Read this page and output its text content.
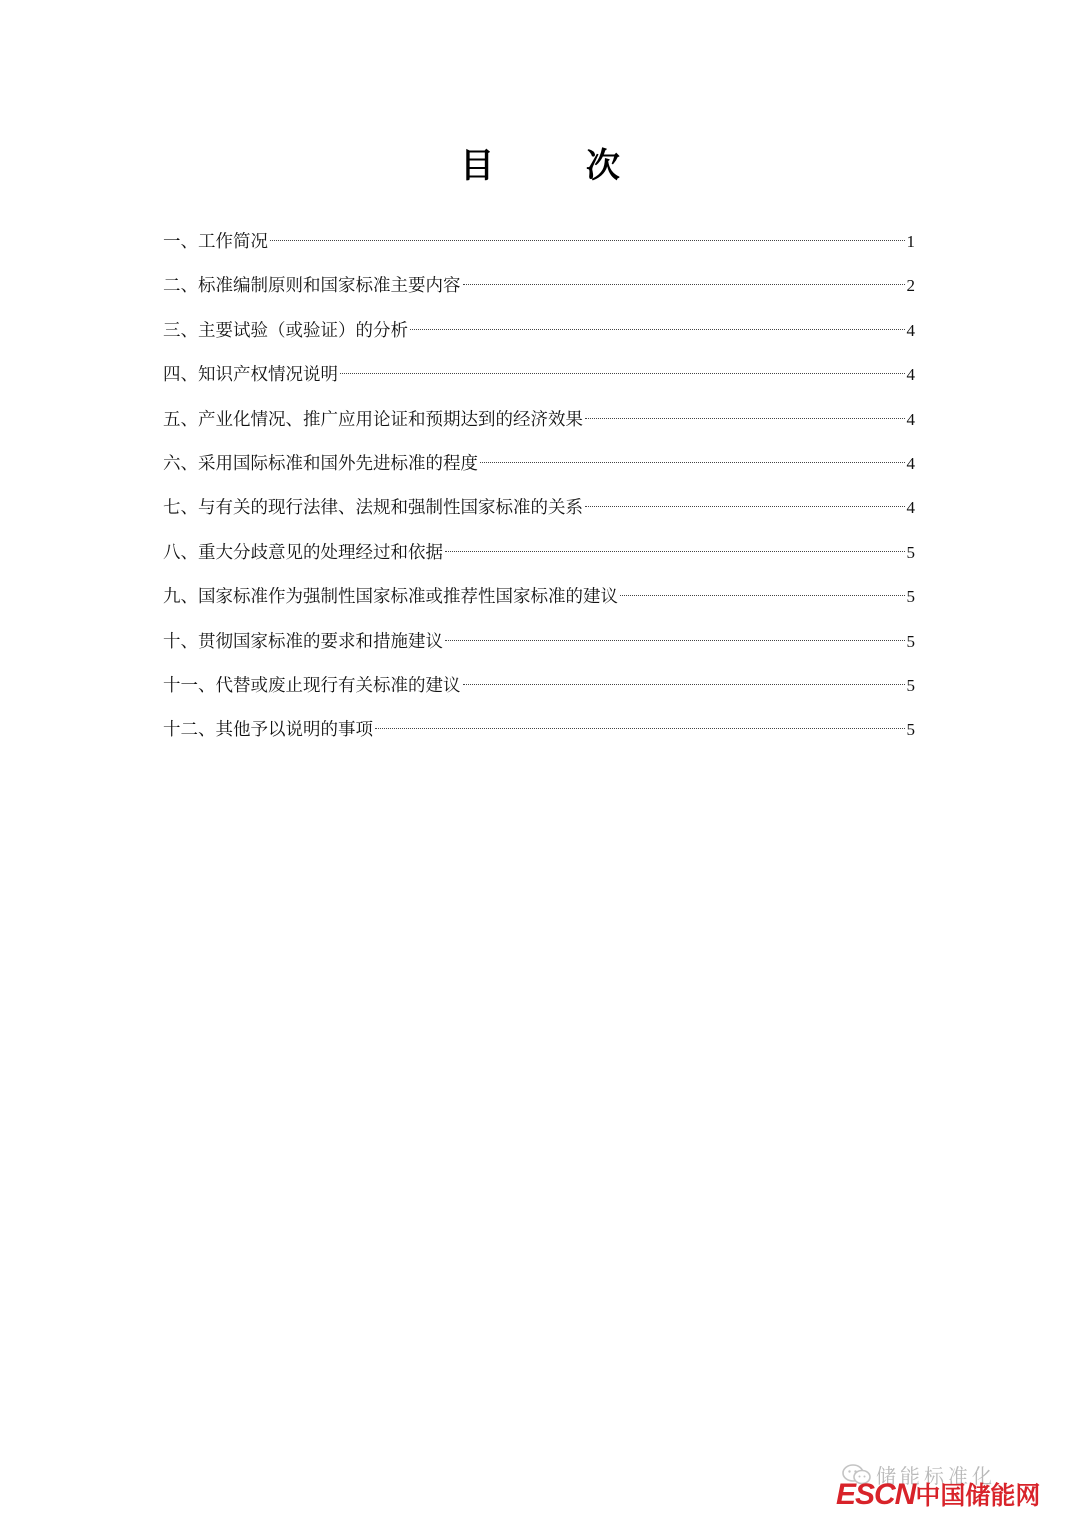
目 次
一、工作简况	1
二、标准编制原则和国家标准主要内容	2
三、主要试验（或验证）的分析	4
四、知识产权情况说明	4
五、产业化情况、推广应用论证和预期达到的经济效果	4
六、采用国际标准和国外先进标准的程度	4
七、与有关的现行法律、法规和强制性国家标准的关系	4
八、重大分歧意见的处理经过和依据	5
九、国家标准作为强制性国家标准或推荐性国家标准的建议	5
十、贯彻国家标准的要求和措施建议	5
十一、代替或废止现行有关标准的建议	5
十二、其他予以说明的事项	5
储能标准化
ESCN中国储能网
